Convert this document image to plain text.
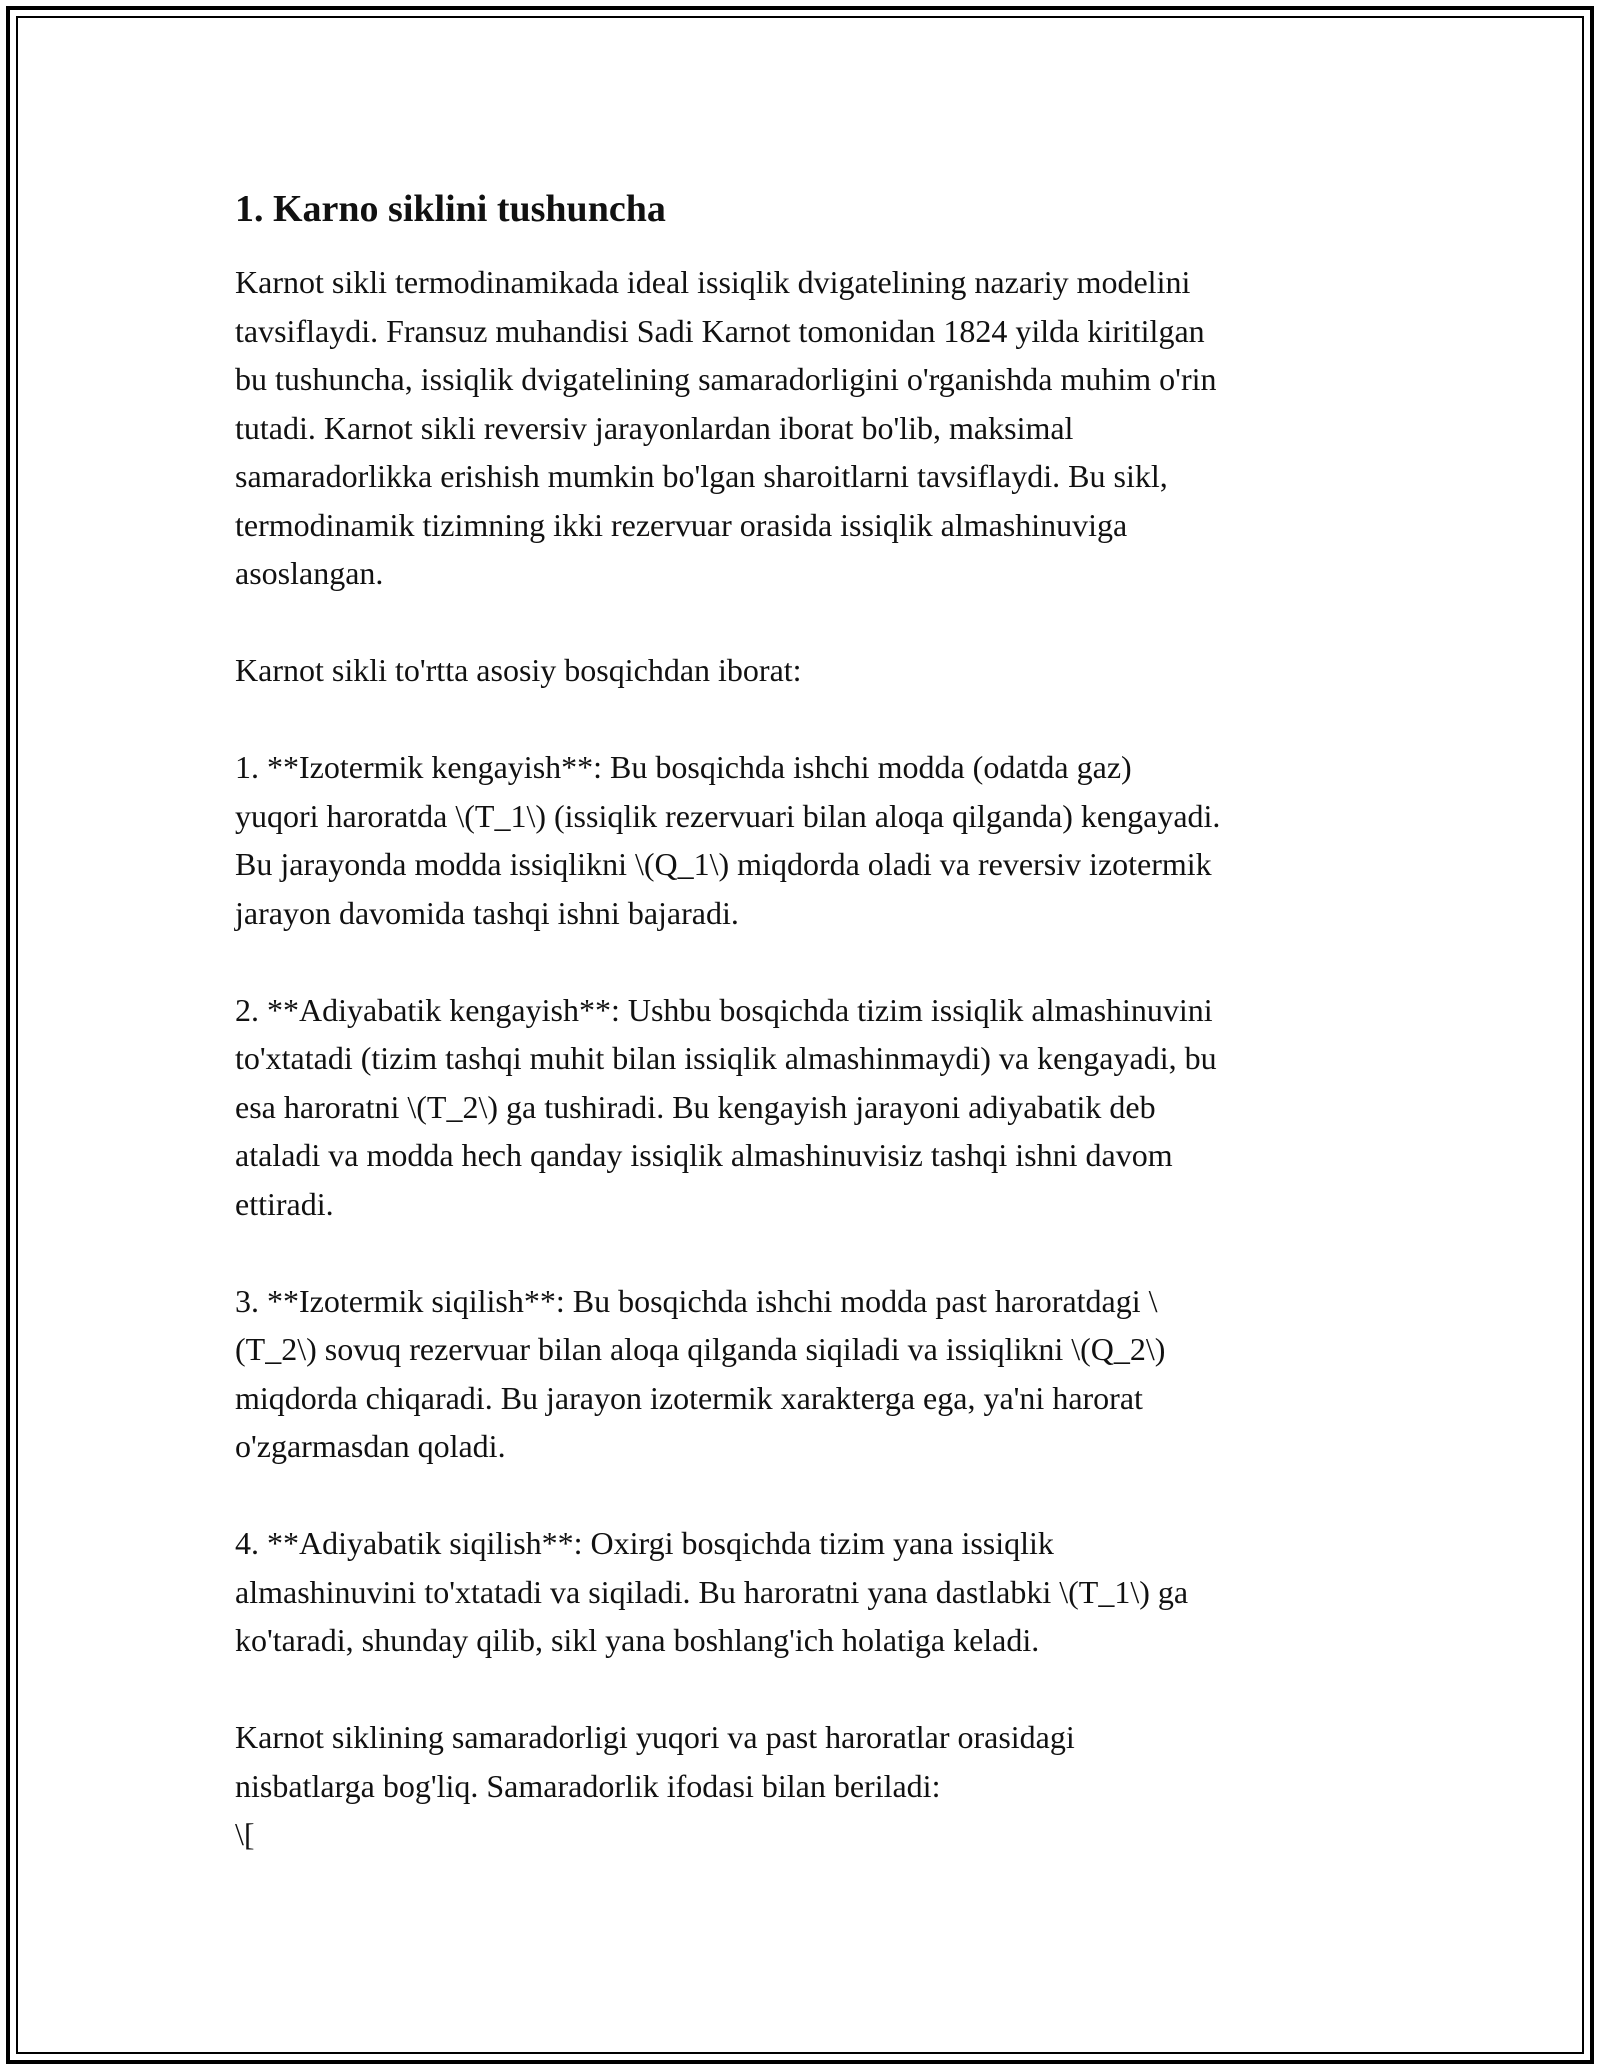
1. Karno siklini tushuncha

Karnot sikli termodinamikada ideal issiqlik dvigatelining nazariy modelini
tavsiflaydi. Fransuz muhandisi Sadi Karnot tomonidan 1824 yilda kiritilgan
bu tushuncha, issiqlik dvigatelining samaradorligini o'rganishda muhim o'rin
tutadi. Karnot sikli reversiv jarayonlardan iborat bo'lib, maksimal
samaradorlikka erishish mumkin bo'lgan sharoitlarni tavsiflaydi. Bu sikl,
termodinamik tizimning ikki rezervuar orasida issiqlik almashinuviga
asoslangan.

Karnot sikli to'rtta asosiy bosqichdan iborat:

1. **Izotermik kengayish**: Bu bosqichda ishchi modda (odatda gaz)
yuqori haroratda \(T_1\) (issiqlik rezervuari bilan aloqa qilganda) kengayadi.
Bu jarayonda modda issiqlikni \(Q_1\) miqdorda oladi va reversiv izotermik
jarayon davomida tashqi ishni bajaradi.

2. **Adiyabatik kengayish**: Ushbu bosqichda tizim issiqlik almashinuvini
to'xtatadi (tizim tashqi muhit bilan issiqlik almashinmaydi) va kengayadi, bu
esa haroratni \(T_2\) ga tushiradi. Bu kengayish jarayoni adiyabatik deb
ataladi va modda hech qanday issiqlik almashinuvisiz tashqi ishni davom
ettiradi.

3. **Izotermik siqilish**: Bu bosqichda ishchi modda past haroratdagi \
(T_2\) sovuq rezervuar bilan aloqa qilganda siqiladi va issiqlikni \(Q_2\)
miqdorda chiqaradi. Bu jarayon izotermik xarakterga ega, ya'ni harorat
o'zgarmasdan qoladi.

4. **Adiyabatik siqilish**: Oxirgi bosqichda tizim yana issiqlik
almashinuvini to'xtatadi va siqiladi. Bu haroratni yana dastlabki \(T_1\) ga
ko'taradi, shunday qilib, sikl yana boshlang'ich holatiga keladi.

Karnot siklining samaradorligi yuqori va past haroratlar orasidagi
nisbatlarga bog'liq. Samaradorlik ifodasi bilan beriladi:
\[
